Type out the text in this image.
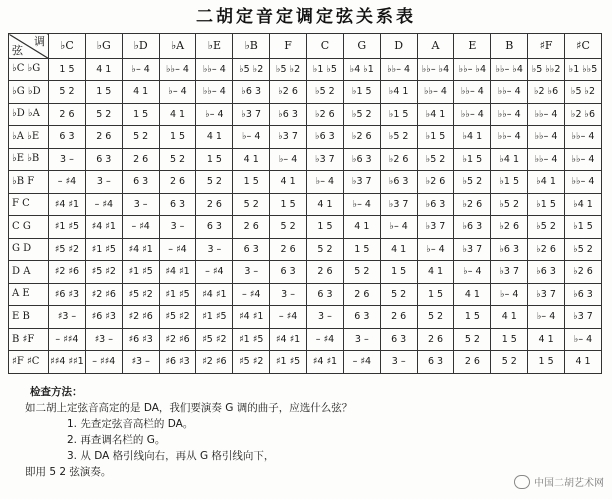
二胡定音定调定弦关系表
调
弦	♭C	♭G	♭D	♭A	♭E	♭B	F	C	G	D	A	E	B	♯F	♯C
♭C ♭G	1 5	4 1	♭– 4	♭♭– 4	♭♭– 4	♭5 ♭2	♭5 ♭2	♭1 ♭5	♭4 ♭1	♭♭– 4	♭♭– ♭4	♭♭– ♭4	♭♭– ♭4	♭5 ♭♭2	♭1 ♭♭5
♭G ♭D	5 2	1 5	4 1	♭– 4	♭♭– 4	♭6 3	♭2 6	♭5 2	♭1 5	♭4 1	♭♭– 4	♭♭– 4	♭♭– 4	♭2 ♭6	♭5 ♭2
♭D ♭A	2 6	5 2	1 5	4 1	♭– 4	♭3 7	♭6 3	♭2 6	♭5 2	♭1 5	♭4 1	♭♭– 4	♭♭– 4	♭♭– 4	♭2 ♭6
♭A ♭E	6 3	2 6	5 2	1 5	4 1	♭– 4	♭3 7	♭6 3	♭2 6	♭5 2	♭1 5	♭4 1	♭♭– 4	♭♭– 4	♭♭– 4
♭E ♭B	3 –	6 3	2 6	5 2	1 5	4 1	♭– 4	♭3 7	♭6 3	♭2 6	♭5 2	♭1 5	♭4 1	♭♭– 4	♭♭– 4
♭B F	– ♯4	3 –	6 3	2 6	5 2	1 5	4 1	♭– 4	♭3 7	♭6 3	♭2 6	♭5 2	♭1 5	♭4 1	♭♭– 4
F C	♯4 ♯1	– ♯4	3 –	6 3	2 6	5 2	1 5	4 1	♭– 4	♭3 7	♭6 3	♭2 6	♭5 2	♭1 5	♭4 1
C G	♯1 ♯5	♯4 ♯1	– ♯4	3 –	6 3	2 6	5 2	1 5	4 1	♭– 4	♭3 7	♭6 3	♭2 6	♭5 2	♭1 5
G D	♯5 ♯2	♯1 ♯5	♯4 ♯1	– ♯4	3 –	6 3	2 6	5 2	1 5	4 1	♭– 4	♭3 7	♭6 3	♭2 6	♭5 2
D A	♯2 ♯6	♯5 ♯2	♯1 ♯5	♯4 ♯1	– ♯4	3 –	6 3	2 6	5 2	1 5	4 1	♭– 4	♭3 7	♭6 3	♭2 6
A E	♯6 ♯3	♯2 ♯6	♯5 ♯2	♯1 ♯5	♯4 ♯1	– ♯4	3 –	6 3	2 6	5 2	1 5	4 1	♭– 4	♭3 7	♭6 3
E B	♯3 –	♯6 ♯3	♯2 ♯6	♯5 ♯2	♯1 ♯5	♯4 ♯1	– ♯4	3 –	6 3	2 6	5 2	1 5	4 1	♭– 4	♭3 7
B ♯F	– ♯♯4	♯3 –	♯6 ♯3	♯2 ♯6	♯5 ♯2	♯1 ♯5	♯4 ♯1	– ♯4	3 –	6 3	2 6	5 2	1 5	4 1	♭– 4
♯F ♯C	♯♯4 ♯♯1	– ♯♯4	♯3 –	♯6 ♯3	♯2 ♯6	♯5 ♯2	♯1 ♯5	♯4 ♯1	– ♯4	3 –	6 3	2 6	5 2	1 5	4 1
检查方法：
如二胡上定弦音高定的是 DA，我们要演奏 G 调的曲子，应选什么弦？
1. 先查定弦音高栏的 DA。
2. 再查调名栏的 G。
3. 从 DA 格引线向右，再从 G 格引线向下，
即用 5 2 弦演奏。
中国二胡艺术网
